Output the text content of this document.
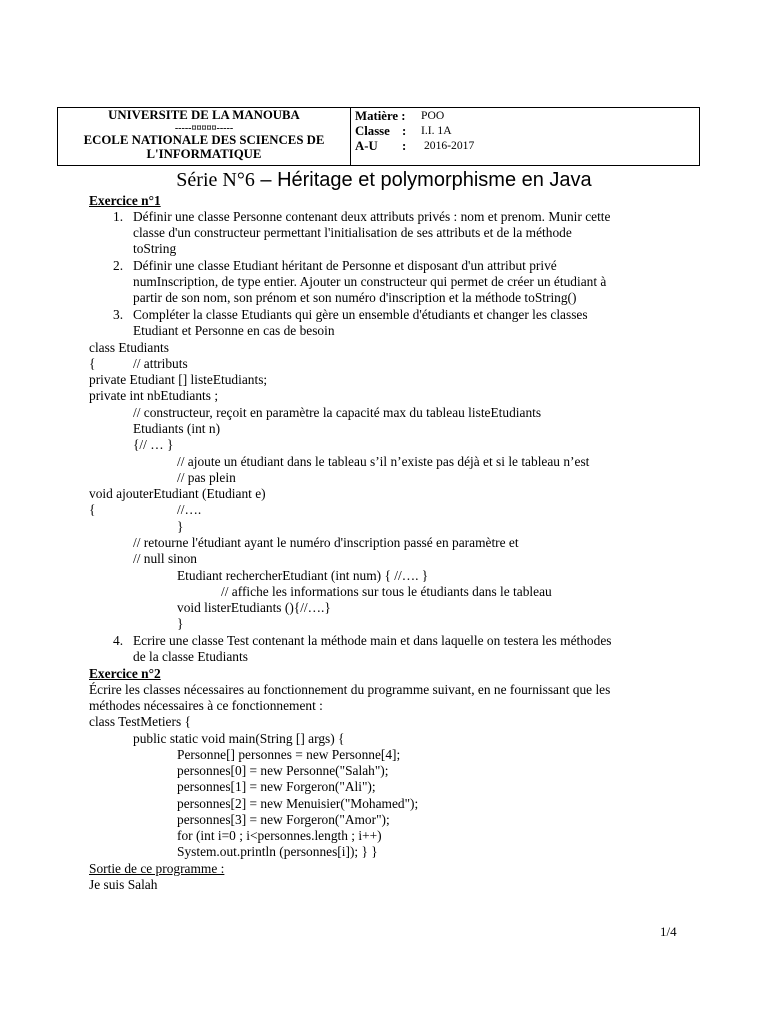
UNIVERSITE DE LA MANOUBA
-----¤¤¤¤¤-----
ECOLE NATIONALE DES SCIENCES DE
L'INFORMATIQUE
Matière : POO
Classe : I.I. 1A
A-U : 2016-2017
Série N°6 – Héritage et polymorphisme en Java
Exercice n°1
1. Définir une classe Personne contenant deux attributs privés : nom et prenom. Munir cette
classe d'un constructeur permettant l'initialisation de ses attributs et de la méthode
toString
2. Définir une classe Etudiant héritant de Personne et disposant d'un attribut privé
numInscription, de type entier. Ajouter un constructeur qui permet de créer un étudiant à
partir de son nom, son prénom et son numéro d'inscription et la méthode toString()
3. Compléter la classe Etudiants qui gère un ensemble d'étudiants et changer les classes
Etudiant et Personne en cas de besoin
class Etudiants
{	// attributs
private Etudiant [] listeEtudiants;
private int nbEtudiants ;
// constructeur, reçoit en paramètre la capacité max du tableau listeEtudiants
Etudiants (int n)
{// … }
// ajoute un étudiant dans le tableau s’il n’existe pas déjà et si le tableau n’est
// pas plein
void ajouterEtudiant (Etudiant e)
{	//….
}
// retourne l'étudiant ayant le numéro d'inscription passé en paramètre et
// null sinon
Etudiant rechercherEtudiant (int num) { //…. }
// affiche les informations sur tous le étudiants dans le tableau
void listerEtudiants (){//….}
}
4. Ecrire une classe Test contenant la méthode main et dans laquelle on testera les méthodes
de la classe Etudiants
Exercice n°2
Écrire les classes nécessaires au fonctionnement du programme suivant, en ne fournissant que les
méthodes nécessaires à ce fonctionnement :
class TestMetiers {
public static void main(String [] args) {
Personne[] personnes = new Personne[4];
personnes[0] = new Personne("Salah");
personnes[1] = new Forgeron("Ali");
personnes[2] = new Menuisier("Mohamed");
personnes[3] = new Forgeron("Amor");
for (int i=0 ; i<personnes.length ; i++)
System.out.println (personnes[i]); } }
Sortie de ce programme :
Je suis Salah
1/4
